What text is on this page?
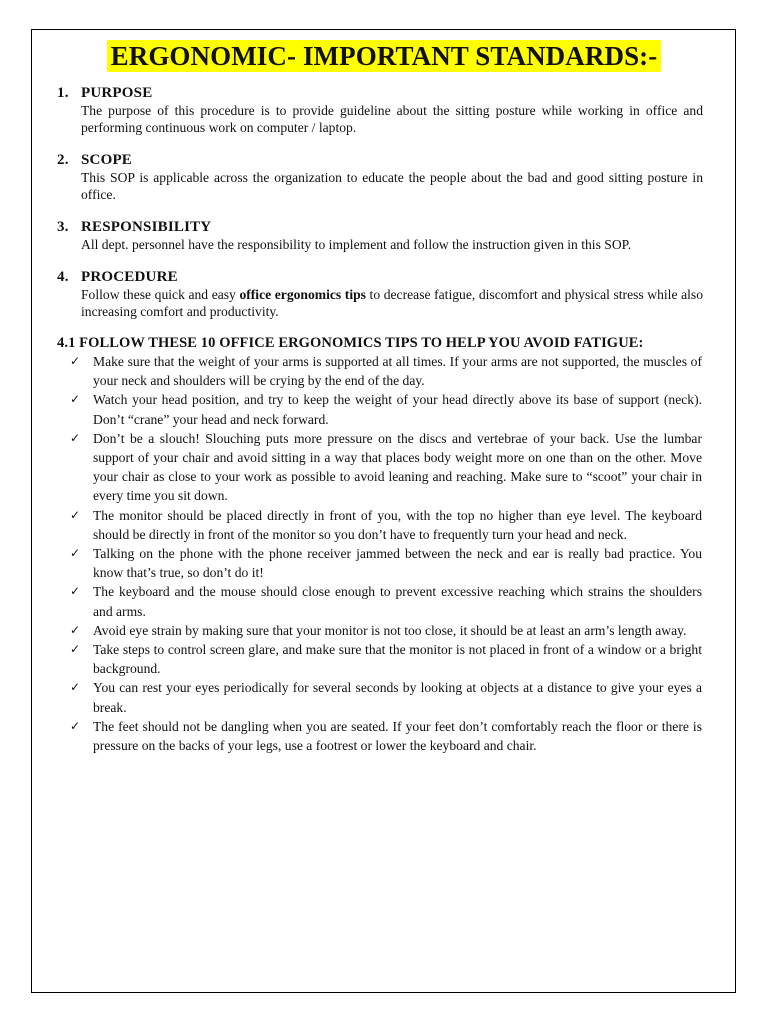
ERGONOMIC- IMPORTANT STANDARDS:-
1. PURPOSE
The purpose of this procedure is to provide guideline about the sitting posture while working in office and performing continuous work on computer / laptop.
2. SCOPE
This SOP is applicable across the organization to educate the people about the bad and good sitting posture in office.
3. RESPONSIBILITY
All dept. personnel have the responsibility to implement and follow the instruction given in this SOP.
4. PROCEDURE
Follow these quick and easy office ergonomics tips to decrease fatigue, discomfort and physical stress while also increasing comfort and productivity.
4.1 FOLLOW THESE 10 OFFICE ERGONOMICS TIPS TO HELP YOU AVOID FATIGUE:
✓ Make sure that the weight of your arms is supported at all times. If your arms are not supported, the muscles of your neck and shoulders will be crying by the end of the day.
✓ Watch your head position, and try to keep the weight of your head directly above its base of support (neck). Don’t “crane” your head and neck forward.
✓ Don’t be a slouch! Slouching puts more pressure on the discs and vertebrae of your back. Use the lumbar support of your chair and avoid sitting in a way that places body weight more on one than on the other. Move your chair as close to your work as possible to avoid leaning and reaching. Make sure to “scoot” your chair in every time you sit down.
✓ The monitor should be placed directly in front of you, with the top no higher than eye level. The keyboard should be directly in front of the monitor so you don’t have to frequently turn your head and neck.
✓ Talking on the phone with the phone receiver jammed between the neck and ear is really bad practice. You know that’s true, so don’t do it!
✓ The keyboard and the mouse should close enough to prevent excessive reaching which strains the shoulders and arms.
✓ Avoid eye strain by making sure that your monitor is not too close, it should be at least an arm’s length away.
✓ Take steps to control screen glare, and make sure that the monitor is not placed in front of a window or a bright background.
✓ You can rest your eyes periodically for several seconds by looking at objects at a distance to give your eyes a break.
✓ The feet should not be dangling when you are seated. If your feet don’t comfortably reach the floor or there is pressure on the backs of your legs, use a footrest or lower the keyboard and chair.
